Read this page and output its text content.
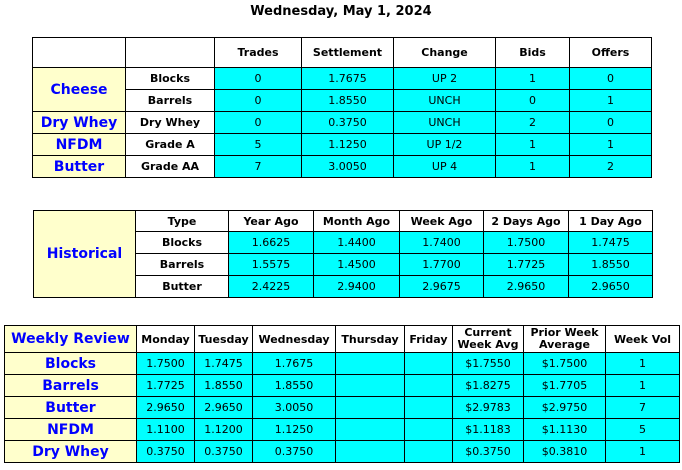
Wednesday, May 1, 2024
		Trades	Settlement	Change	Bids	Offers
Cheese	Blocks	0	1.7675	UP 2	1	0
	Barrels	0	1.8550	UNCH	0	1
Dry Whey	Dry Whey	0	0.3750	UNCH	2	0
NFDM	Grade A	5	1.1250	UP 1/2	1	1
Butter	Grade AA	7	3.0050	UP 4	1	2
Historical	Type	Year Ago	Month Ago	Week Ago	2 Days Ago	1 Day Ago
	Blocks	1.6625	1.4400	1.7400	1.7500	1.7475
	Barrels	1.5575	1.4500	1.7700	1.7725	1.8550
	Butter	2.4225	2.9400	2.9675	2.9650	2.9650
Weekly Review	Monday	Tuesday	Wednesday	Thursday	Friday	Current Week Avg	Prior Week Average	Week Vol
Blocks	1.7500	1.7475	1.7675			$1.7550	$1.7500	1
Barrels	1.7725	1.8550	1.8550			$1.8275	$1.7705	1
Butter	2.9650	2.9650	3.0050			$2.9783	$2.9750	7
NFDM	1.1100	1.1200	1.1250			$1.1183	$1.1130	5
Dry Whey	0.3750	0.3750	0.3750			$0.3750	$0.3810	1
